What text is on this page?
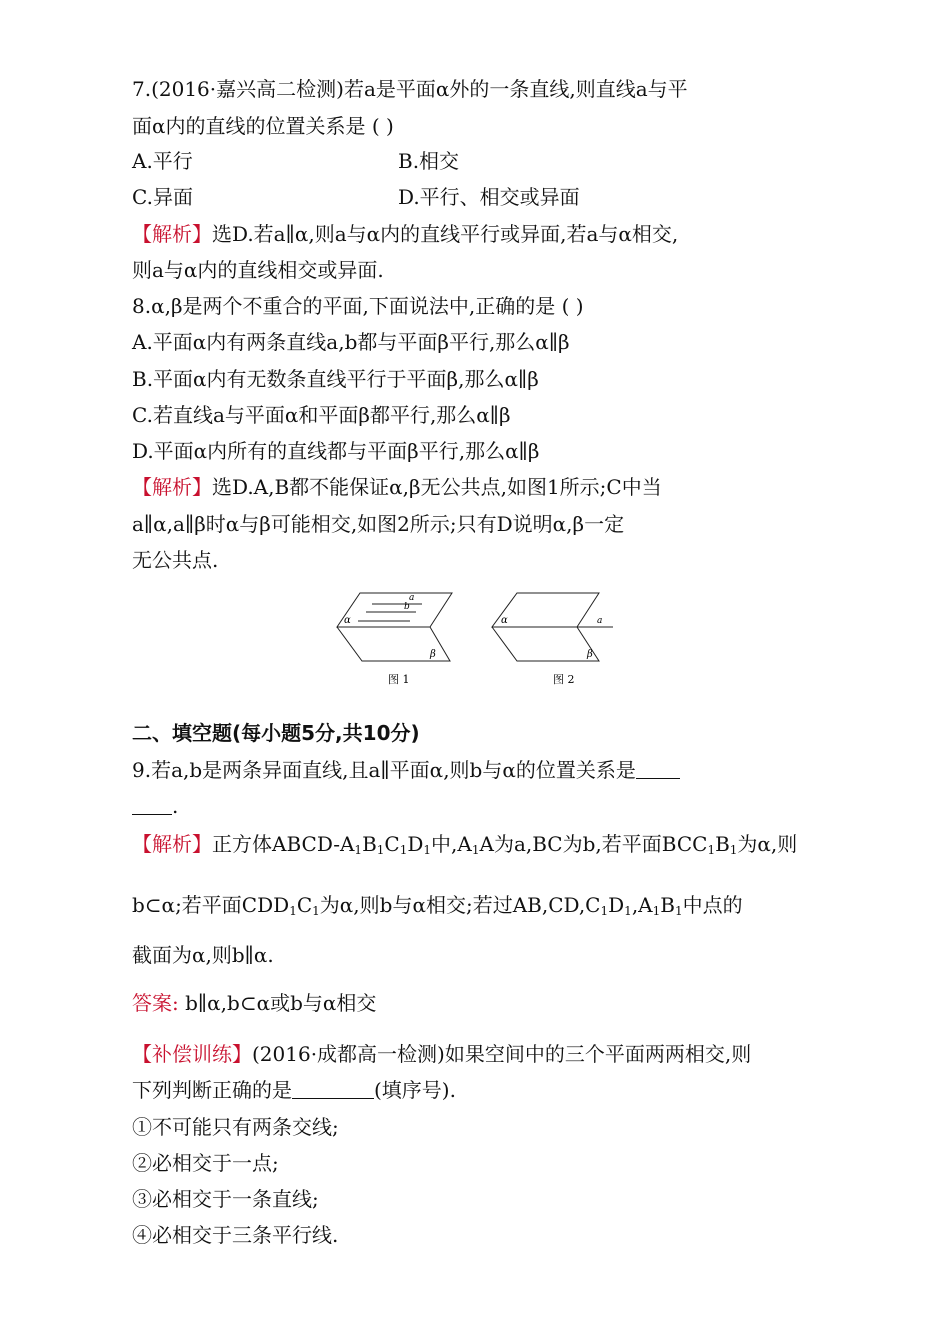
7.(2016·嘉兴高二检测)若a是平面α外的一条直线,则直线a与平
面α内的直线的位置关系是 ( )
A.平行	B.相交
C.异面	D.平行、相交或异面
【解析】选D.若a∥α,则a与α内的直线平行或异面,若a与α相交,
则a与α内的直线相交或异面.
8.α,β是两个不重合的平面,下面说法中,正确的是 ( )
A.平面α内有两条直线a,b都与平面β平行,那么α∥β
B.平面α内有无数条直线平行于平面β,那么α∥β
C.若直线a与平面α和平面β都平行,那么α∥β
D.平面α内所有的直线都与平面β平行,那么α∥β
【解析】选D.A,B都不能保证α,β无公共点,如图1所示;C中当
a∥α,a∥β时α与β可能相交,如图2所示;只有D说明α,β一定
无公共点.
a
b
α
β
图 1
a
α
β
图 2
二、填空题(每小题5分,共10分)
9.若a,b是两条异面直线,且a∥平面α,则b与α的位置关系是
.
【解析】正方体ABCD-$A_1B_1C_1D_1$中$,A_1A$为a,BC为b,若平面$BCC_1B_1$为α,则
b⊂α;若平面$CDD_1C_1$为α,则b与α相交;若过$AB,CD,C_1D_1,A_1B_1$中点的
截面为α,则b∥α.
答案: b∥α,b⊂α或b与α相交
【补偿训练】(2016·成都高一检测)如果空间中的三个平面两两相交,则
下列判断正确的是	(填序号).
①不可能只有两条交线;
②必相交于一点;
③必相交于一条直线;
④必相交于三条平行线.
